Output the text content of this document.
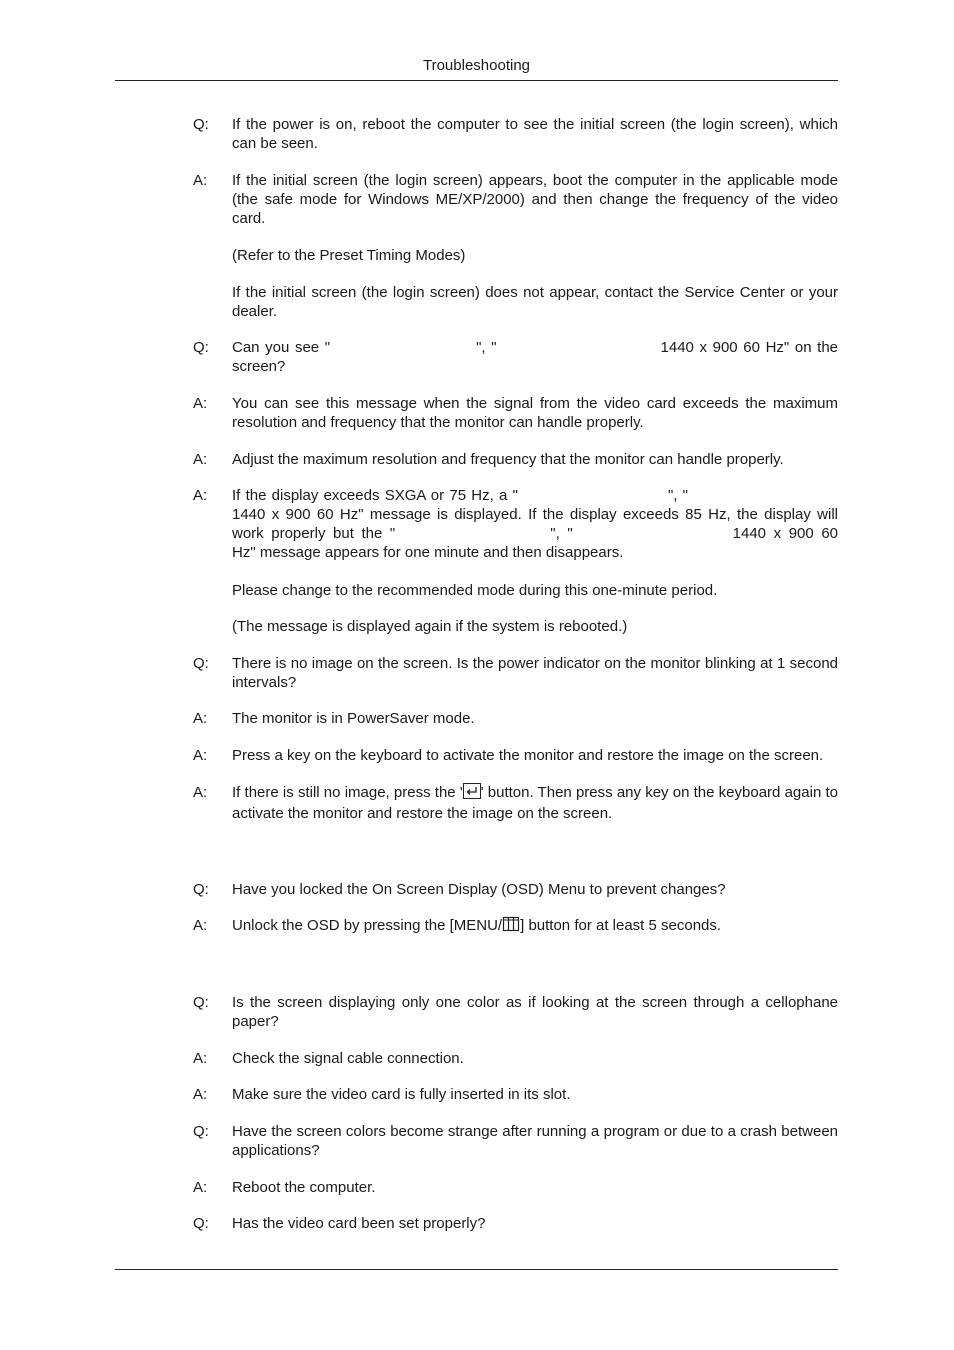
Troubleshooting
Q:	If the power is on, reboot the computer to see the initial screen (the login screen), which can be seen.
A:	If the initial screen (the login screen) appears, boot the computer in the applicable mode (the safe mode for Windows ME/XP/2000) and then change the frequency of the video card.
(Refer to the Preset Timing Modes)
If the initial screen (the login screen) does not appear, contact the Service Center or your dealer.
Q:	Can you see "	", "	1440 x 900 60 Hz" on the screen?
A:	You can see this message when the signal from the video card exceeds the maximum resolution and frequency that the monitor can handle properly.
A:	Adjust the maximum resolution and frequency that the monitor can handle properly.
A:	If the display exceeds SXGA or 75 Hz, a "	", "1440 x 900 60 Hz" message is displayed. If the display exceeds 85 Hz, the display will work properly but the "	", "	1440 x 900 60 Hz" message appears for one minute and then disappears.
Please change to the recommended mode during this one-minute period.
(The message is displayed again if the system is rebooted.)
Q:	There is no image on the screen. Is the power indicator on the monitor blinking at 1 second intervals?
A:	The monitor is in PowerSaver mode.
A:	Press a key on the keyboard to activate the monitor and restore the image on the screen.
A:	If there is still no image, press the ' ' button. Then press any key on the keyboard again to activate the monitor and restore the image on the screen.
Q:	Have you locked the On Screen Display (OSD) Menu to prevent changes?
A:	Unlock the OSD by pressing the [MENU/ ] button for at least 5 seconds.
Q:	Is the screen displaying only one color as if looking at the screen through a cellophane paper?
A:	Check the signal cable connection.
A:	Make sure the video card is fully inserted in its slot.
Q:	Have the screen colors become strange after running a program or due to a crash between applications?
A:	Reboot the computer.
Q:	Has the video card been set properly?
